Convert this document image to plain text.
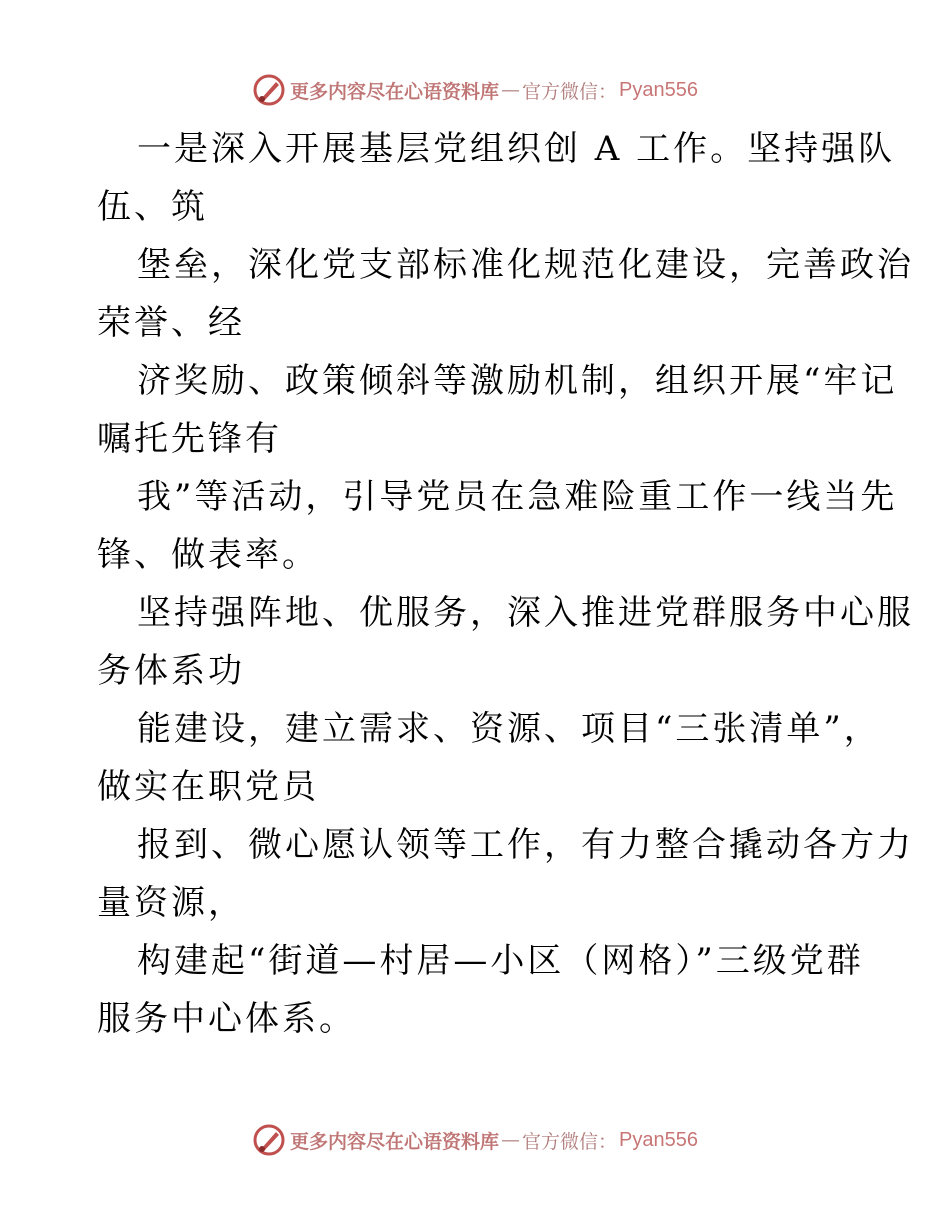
更多内容尽在心语资料库 — 官方微信： Pyan556

一是深入开展基层党组织创 A 工作。坚持强队
伍、筑

堡垒，深化党支部标准化规范化建设，完善政治
荣誉、经

济奖励、政策倾斜等激励机制，组织开展“牢记
嘱托先锋有

我”等活动，引导党员在急难险重工作一线当先
锋、做表率。

坚持强阵地、优服务，深入推进党群服务中心服
务体系功

能建设，建立需求、资源、项目“三张清单”，
做实在职党员

报到、微心愿认领等工作，有力整合撬动各方力
量资源，

构建起“街道—村居—小区（网格）”三级党群
服务中心体系。

更多内容尽在心语资料库 — 官方微信： Pyan556
